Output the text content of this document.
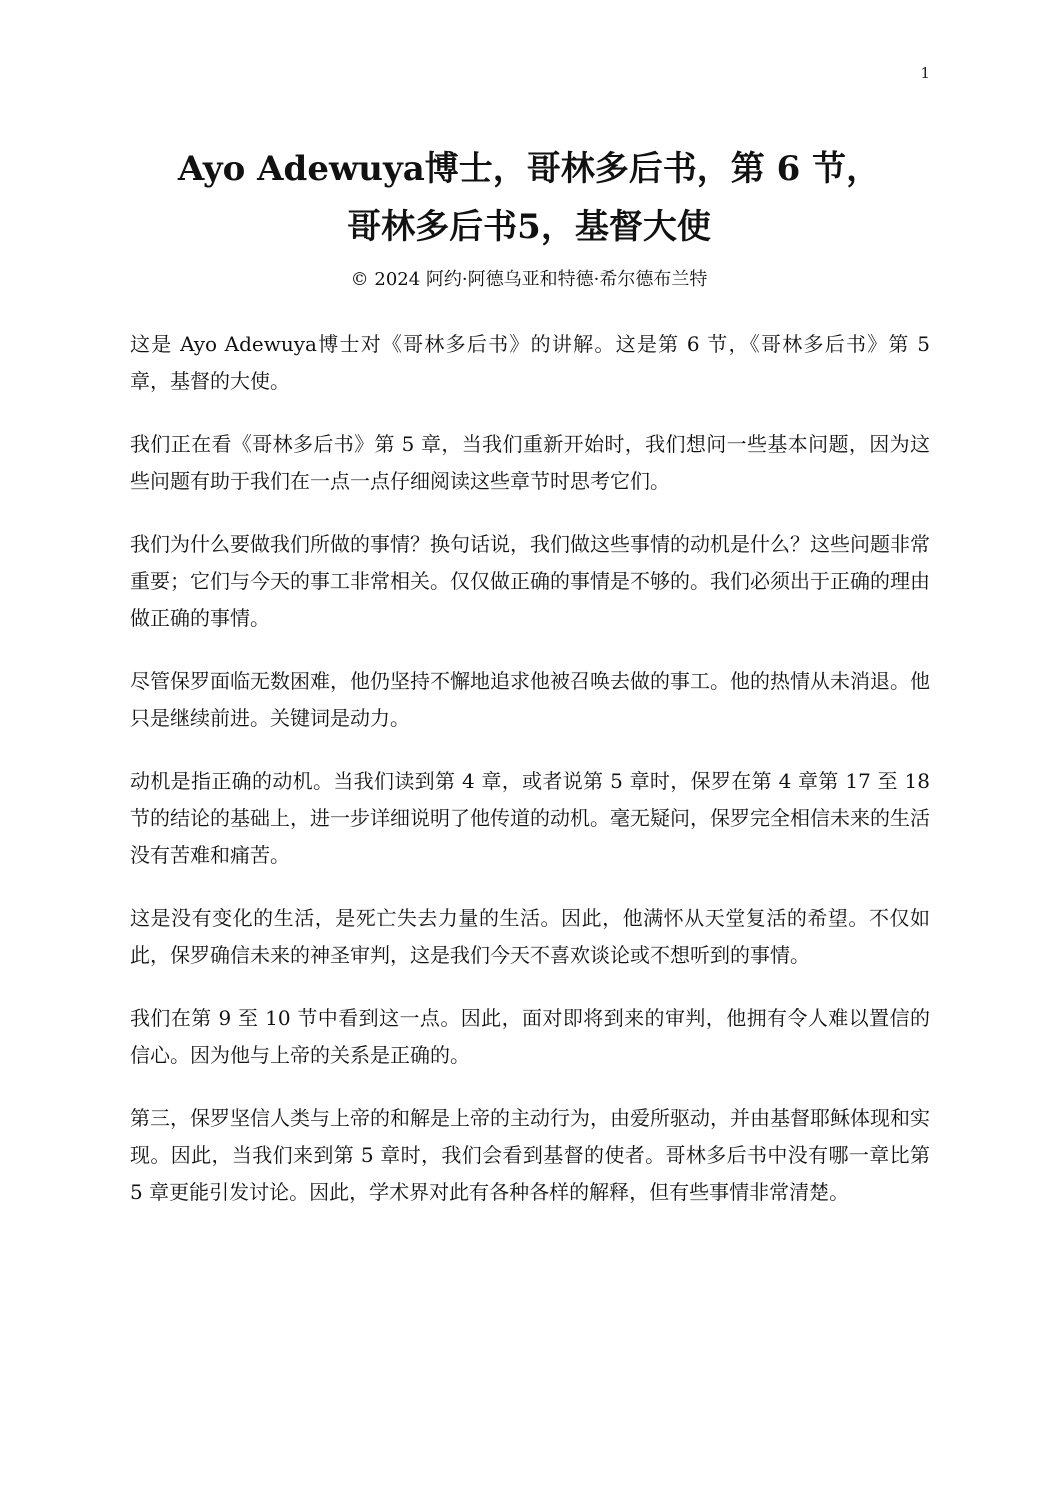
1
Ayo Adewuya博士，哥林多后书，第 6 节，
哥林多后书5，基督大使
© 2024 阿约·阿德乌亚和特德·希尔德布兰特

这是 Ayo Adewuya博士对《哥林多后书》的讲解。这是第 6 节，《哥林多后书》第 5 章，基督的大使。

我们正在看《哥林多后书》第 5 章，当我们重新开始时，我们想问一些基本问题，因为这些问题有助于我们在一点一点仔细阅读这些章节时思考它们。

我们为什么要做我们所做的事情？换句话说，我们做这些事情的动机是什么？这些问题非常重要；它们与今天的事工非常相关。仅仅做正确的事情是不够的。我们必须出于正确的理由做正确的事情。

尽管保罗面临无数困难，他仍坚持不懈地追求他被召唤去做的事工。他的热情从未消退。他只是继续前进。关键词是动力。

动机是指正确的动机。当我们读到第 4 章，或者说第 5 章时，保罗在第 4 章第 17 至 18 节的结论的基础上，进一步详细说明了他传道的动机。毫无疑问，保罗完全相信未来的生活没有苦难和痛苦。

这是没有变化的生活，是死亡失去力量的生活。因此，他满怀从天堂复活的希望。不仅如此，保罗确信未来的神圣审判，这是我们今天不喜欢谈论或不想听到的事情。

我们在第 9 至 10 节中看到这一点。因此，面对即将到来的审判，他拥有令人难以置信的信心。因为他与上帝的关系是正确的。

第三，保罗坚信人类与上帝的和解是上帝的主动行为，由爱所驱动，并由基督耶稣体现和实现。因此，当我们来到第 5 章时，我们会看到基督的使者。哥林多后书中没有哪一章比第 5 章更能引发讨论。因此，学术界对此有各种各样的解释，但有些事情非常清楚。
